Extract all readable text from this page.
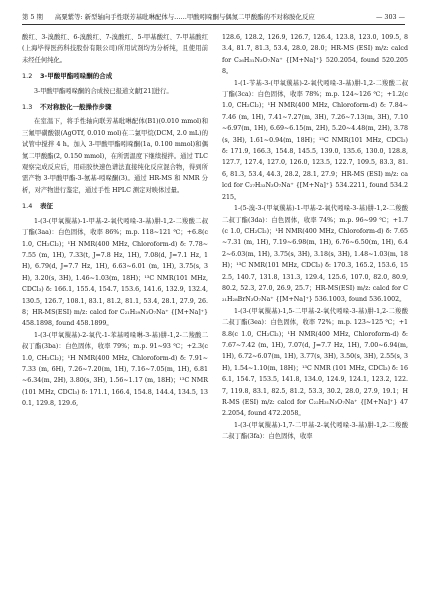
第 5 期	高粟紫等: 新型轴向手性联芳基吡啉配体与……甲酸吲哚酮与偶氮二甲酸酯的不对称胺化反应	— 303 —

酸红、3-溴酸红、6-溴酸红、7-溴酸红、5-甲基酸红、7-甲基酸红(上海毕得医药科技股份有限公司)所用试剂均为分析纯，且使用前未经任何纯化。

1.2 3-甲酸甲酯吲哚酮的合成

3-甲酸甲酯吲哚酮的合成按已报道文献[21]进行。

1.3 不对称胺化一般操作步骤

在室温下，将手性轴向联芳基吡啉配体(B1)(0.010 mmol)和三氟甲磺酸银(AgOTf, 0.010 mol)在二氯甲烷(DCM, 2.0 mL)的试管中搅拌 4 h。加入 3-甲酸甲酯吲哚酮(1a, 0.100 mmol)和偶氮二甲酸酯(2, 0.150 mmol)，在所需温度下继续搅拌。通过 TLC 观察完成反应后，用硅胶快速色谱法直接纯化反应混合物，得到所需产物 3-甲酸甲酯-3-氨基-吲哚酮(3)。通过 HR-MS 和 NMR 分析，对产物进行鉴定，通过手性 HPLC 测定对映体过量。

1.4 表征

1-(3-(甲氧羰基)-1-甲基-2-氧代吲哚-3-基)肼-1,2-二羧酸二叔丁酯(3aa)：白色固体，收率 86%；m.p. 118~121 ℃；+6.8(c 1.0, CH₂Cl₂)；¹H NMR(400 MHz, Chloroform-d) δ: 7.78~7.55 (m, 1H), 7.33(t, J=7.8 Hz, 1H), 7.08(d, J=7.1 Hz, 1H), 6.79(d, J=7.7 Hz, 1H), 6.63~6.01 (m, 1H), 3.75(s, 3H), 3.20(s, 3H), 1.46~1.03(m, 18H)；¹³C NMR(101 MHz, CDCl₃) δ: 166.1, 155.4, 154.7, 153.6, 141.6, 132.9, 132.4, 130.5, 126.7, 108.1, 83.1, 81.2, 81.1, 53.4, 28.1, 27.9, 26.8；HR-MS(ESI) m/z: calcd for C₂₁H₂₉N₃O₇Na⁺ {[M+Na]⁺} 458.1898, found 458.1899。

1-(3-(甲氧羰基)-2-氧代-1-苯基吲哚啉-3-基)肼-1,2-二羧酸二叔丁酯(3ba)：白色固体，收率 79%；m.p. 91~93 ℃；+2.3(c 1.0, CH₂Cl₂)；¹H NMR(400 MHz, Chloroform-d) δ: 7.91~7.33 (m, 6H), 7.26~7.20(m, 1H), 7.16~7.05(m, 1H), 6.81~6.34(m, 2H), 3.80(s, 3H), 1.56~1.17 (m, 18H)；¹³C NMR(101 MHz, CDCl₃) δ: 171.1, 166.4, 154.8, 144.4, 134.5, 130.1, 129.8, 129.6,

128.6, 128.2, 126.9, 126.7, 126.4, 123.8, 123.0, 109.5, 83.4, 81.7, 81.3, 53.4, 28.0, 28.0；HR-MS (ESI) m/z: calcd for C₂₆H₃₁N₃O₇Na⁺ {[M+Na]⁺} 520.2054, found 520.2058。

1-(1-苄基-3-(甲氧羰基)-2-氧代吲哚-3-基)肼-1,2-二羧酸二叔丁酯(3ca)：白色固体，收率 78%；m.p. 124~126 ℃；+1.2(c 1.0, CH₂Cl₂)；¹H NMR(400 MHz, Chloroform-d) δ: 7.84~7.46 (m, 1H), 7.41~7.27(m, 3H), 7.26~7.13(m, 3H), 7.10~6.97(m, 1H), 6.69~6.15(m, 2H), 5.20~4.48(m, 2H), 3.78(s, 3H), 1.61~0.94(m, 18H)；¹³C NMR(101 MHz, CDCl₃) δ: 171.9, 166.3, 154.8, 145.5, 139.0, 135.6, 130.0, 128.8, 127.7, 127.4, 127.0, 126.0, 123.5, 122.7, 109.5, 83.3, 81.6, 81.3, 53.4, 44.3, 28.2, 28.1, 27.9；HR-MS (ESI) m/z: calcd for C₂₇H₃₃N₃O₇Na⁺ {[M+Na]⁺} 534.2211, found 534.2215。

1-(5-溴-3-(甲氧羰基)-1-甲基-2-氧代吲哚-3-基)肼-1,2-二羧酸二叔丁酯(3da)：白色固体，收率 74%；m.p. 96~99 ℃；+1.7(c 1.0, CH₂Cl₂)；¹H NMR(400 MHz, Chloroform-d) δ: 7.65~7.31 (m, 1H), 7.19~6.98(m, 1H), 6.76~6.50(m, 1H), 6.42~6.03(m, 1H), 3.75(s, 3H), 3.18(s, 3H), 1.48~1.03(m, 18H)；¹³C NMR(101 MHz, CDCl₃) δ: 170.3, 165.2, 153.6, 152.5, 140.7, 131.8, 131.3, 129.4, 125.6, 107.0, 82.0, 80.9, 80.2, 52.3, 27.0, 26.9, 25.7；HR-MS(ESI) m/z: calcd for C₂₁H₂₈BrN₃O₇Na⁺ {[M+Na]⁺} 536.1003, found 536.1002。

1-(3-(甲氧羰基)-1,5-二甲基-2-氧代吲哚-3-基)肼-1,2-二羧酸二叔丁酯(3ea)：白色固体，收率 72%；m.p. 123~125 ℃；+18.8(c 1.0, CH₂Cl₂)；¹H NMR(400 MHz, Chloroform-d) δ: 7.67~7.42 (m, 1H), 7.07(d, J=7.7 Hz, 1H), 7.00~6.94(m, 1H), 6.72~6.07(m, 1H), 3.77(s, 3H), 3.50(s, 3H), 2.55(s, 3H), 1.54~1.10(m, 18H)；¹³C NMR (101 MHz, CDCl₃) δ: 166.1, 154.7, 153.5, 141.8, 134.0, 124.9, 124.1, 123.2, 122.7, 119.8, 83.1, 82.5, 81.2, 53.3, 30.2, 28.0, 27.9, 19.1；HR-MS (ESI) m/z: calcd for C₂₂H₃₁N₃O₇Na⁺ {[M+Na]⁺} 472.2054, found 472.2058。

1-(3-(甲氧羰基)-1,7-二甲基-2-氧代吲哚-3-基)肼-1,2-二羧酸二叔丁酯(3fa)：白色固体，收率
